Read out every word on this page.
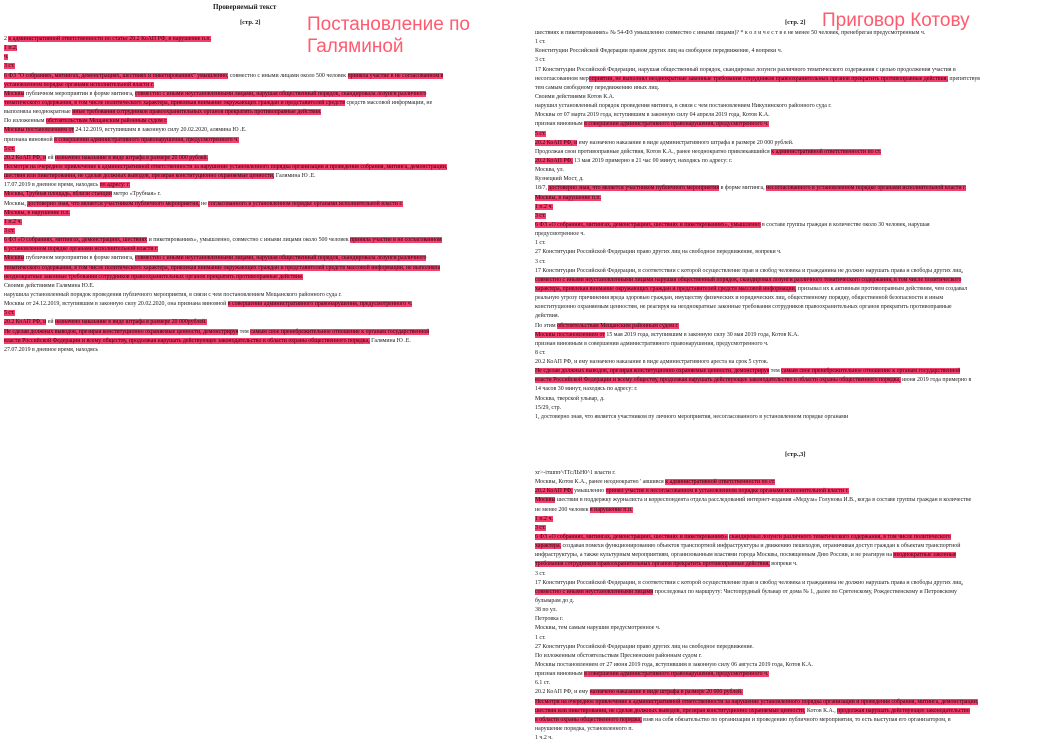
Проверяемый текст
Постановление по
Галяминой
Приговор Котову
[стр. 2]
2 к административной ответственности по статье 20.2 КоАП РФ, в нарушение п.п.
1 п.2,
ч.
3 ст.
6 ФЗ "О собраниях, митингах, демонстрациях, шествиях и пикетированиях" умышленно, совместно с иными лицами около 500 человек приняла участие в не согласованном в
установленном порядке органами исполнительной власти г.
Москвы публичном мероприятии в форме митинга, совместно с иными неустановленными лицами, нарушая общественный порядок, скандировала лозунги различного
тематического содержания, в том числе политического характера, привлекая внимание окружающих граждан и представителей средств средств массовой информации, не
выполняла неоднократные иные требования сотрудников правоохранительных органов прекратить противоправные действия.
По изложенным обстоятельствам Мещанским районным судом г.
Москвы постановлением от 24.12.2019, вступившим в законную силу 20.02.2020, алямина Ю .Е.
признана виновной в совершении административного правонарушения, предусмотренного ч.
5 ст.
20.2 КоАП РФ, и ей назначено наказание в виде штрафа в размере 20 000 рублей.
Несмотря на очередное привлечение к административной ответственности за нарушение установленного порядка организации и проведения собрания, митинга, демонстрации,
шествия или пикетирования, не сделав должных выводов, презирая конституционно охраняемые ценности, Галямина Ю .Е.
17.07.2019 в дневное время, находясь по адресу: г.
Москва, Трубная площадь, вблизи станции метро «Трубная» г.
Москвы, достоверно зная, что является участником публичного мероприятия, не согласованного в установленном порядке органами исполнительной власти г.
Москвы, в нарушение п.п.
1 п.2 ч.
3 ст.
6 ФЗ «О собраниях, митингах, демонстрациях, шествиях и пикетированиях», умышленно, совместно с иными лицами около 500 человек приняла участие в не согласованном
в установленном порядке органами исполнительной власти г.
Москвы публичном мероприятии в форме митинга, совместно с иными неустановленными лицами, нарушая общественный порядок, скандировала лозунги различного
тематического содержания, в том числе политического характера, привлекая внимание окружающих граждан и представителей средств массовой информации, не выполняла
неоднократные законные требования сотрудников правоохранительных органов прекратить противоправные действия.
Своими действиями Галямина Ю.Е.
нарушила установленный порядок проведения публичного мероприятия, в связи с чем постановлением Мещанского районного суда г.
Москвы от 24.12.2019, вступившим в законную силу 20.02.2020, она признана виновной в совершении административного правонарушения, предусмотренного ч.
5 ст.
20.2 КоАП РФ, и ей назначено наказание в виде штрафа в размере 20 000рублей.
Не сделав должных выводов, презирая конституционно охраняемые ценности, демонстрируя тем самым свое пренебрежительное отношение к органам государственной
власти Российской Федерации и всему обществу, продолжая нарушать действующее законодательство в области охраны общественного порядка, Галямина Ю .Е.
27.07.2019 в дневное время, находясь
[стр. 2]
шествиях и пикетированиях» № 54-ФЗ умышленно совместно с иными лицами)? * к о л и ч е с т в е не менее 50 человек, пренебрегая предусмотренным ч.
1 ст.
Конституции Российской Федерации правом других лиц на свободное передвижение, 4 вопреки ч.
3 ст.
17 Конституции Российской Федерации, нарушая общественный порядок, скандировал лозунги различного тематического содержания с целью продолжения участия в
несогласованном мероприятии, не выполнял неоднократные законные требования сотрудников правоохранительных органов прекратить противоправные действия, препятствуя
тем самым свободному передвижению иных лиц.
Своими действиями Котов К.А.
нарушил установленный порядок проведения митинга, в связи с чем постановлением Никулинского районного суда г.
Москвы от 07 марта 2019 года, вступившим в законную силу 04 апреля 2019 года, Котов К.А.
признан виновным в совершении административного правонарушения, предусмотренного ч.
5 ст.
20.2 КоАП РФ, и ему назначено наказание в виде административного штрафа в размере 20 000 рублей.
Продолжая свои противоправные действия, Котов К.А., ранее неоднократно привлекавшийся к административной ответственности по ст.
20.2 КоАП РФ, 13 мая 2019 примерно в 21 час 00 минут, находясь по адресу: г.
Москва, ул.
Кузнецкий Мост, д.
18/7, достоверно зная, что является участником публичного мероприятия в форме митинга, несогласованного в установленном порядке органами исполнительной власти г.
Москвы, в нарушение п.п.
1 п.2 ч.
3 ст.
6 ФЗ «О собраниях, митингах, демонстрациях, шествиях и пикетированиях», умышленно в составе группы граждан в количестве около 30 человек, нарушая
предусмотренное ч.
1 ст.
27 Конституции Российской Федерации право других лиц на свободное передвижение, вопреки ч.
3 ст.
17 Конституции Российской Федерации, в соответствии с которой осуществление прав и свобод человека и гражданина не должно нарушать права и свободы других лиц,
совместно с иными неустановленными лицами нарушая общественный порядок, скандировал лозунги различного тематического содержания, в том числе политического
характера, привлекая внимание окружающих граждан и представителей средств массовой информации, призывал их к активным противоправным действиям, чем создавал
реальную угрозу причинения вреда здоровью граждан, имуществу физических и юридических лиц, общественному порядку, общественной безопасности и иным
конституционно охраняемым ценностям, не реагируя на неоднократные законные требования сотрудников правоохранительных органов прекратить противоправные
действия.
По этим обстоятельствам Мещанским районным судом г.
Москвы постановлением от 15 мая 2019 года, вступившим в законную силу 30 мая 2019 года, Котов К.А.
признан виновным в совершении административного правонарушения, предусмотренного ч.
8 ст.
20.2 КоАП РФ, и ему назначено наказание в виде административного ареста на срок 5 суток.
Не сделав должных выводов, презирая конституционно охраняемые ценности, демонстрируя тем самым свое пренебрежительное отношение к органам государственной
власти Российской Федерации и всему обществу, продолжая нарушать действующее законодательство в области охраны общественного порядка, июня 2019 года примерно в
14 часов 30 минут, находясь по адресу: г.
Москва, тверской ульвар, д.
15/29, стр.
1, достоверно зная, что является участником пу личного мероприятия, несогласованного в установленном порядке органами
[стр.,3]
xr>-ітшпп^/ІТсЛЬН0^1 власти г.
Москвы, Котов К.А., ранее неоднократно ' авшився к административной ответственности по ст.
20.2 КоАП РФ, умышленно принял участие в несогласованном в установленном порядке органами исполнительной власти г.
Москвы шествии в поддержку журналиста и корреспондента отдела расследований интернет-издания «Медуза» Голунова И.В., когда в составе группы граждан в количестве
не менее 200 человек в нарушение п.п.
1 п.2 ч.
3 ст.
6 ФЗ «О собраниях, митингах, демонстрациях, шествиях и пикетированиях» скандировал лозунги различного тематического содержания, в том числе политического
характера, создавая помехи функционированию объектов транспортной инфраструктуры и движению пешеходов, ограничивая доступ граждан к объектам транспортной
инфраструктуры, а также культурным мероприятиям, организованным властями города Москвы, посвященным Дню России, и не реагируя на неоднократные законные
требования сотрудников правоохранительных органов прекратить противоправные действия, вопреки ч.
3 ст.
17 Конституции Российской Федерации, в соответствии с которой осуществление прав и свобод человека и гражданина не должно нарушать права и свободы других лиц,
совместно с иными неустановленными лицами проследовал по маршруту: Чистопрудный бульвар от дома № 1, далее по Сретенскому, Рождественскому и Петровскому
бульварам до д.
38 по ул.
Петровка г.
Москвы, тем самым нарушив предусмотренное ч.
1 ст.
27 Конституции Российской Федерации право других лиц на свободное передвижение.
По изложенным обстоятельствам Пресненским районным судом г.
Москвы постановлением от 27 июня 2019 года, вступившим в законную силу 06 августа 2019 года, Котов К.А.
признан виновным в совершении административного правонарушения, предусмотренного ч.
6.1 ст.
20.2 КоАП РФ, и ему назначено наказание в виде штрафа в размере 20 000 рублей.
Несмотря на очередное привлечение к административной ответственности за нарушение установленного порядка организации и проведения собрания, митинга, демонстрации,
шествия или пикетирования, не сделав должных выводов, презирая конституционно охраняемые ценности, Котов К.А., продолжая нарушать действующее законодательство
в области охраны общественного порядка, взяв на себя обязательство по организации и проведению публичного мероприятия, то есть выступая его организатором, в
нарушение порядка, установленного п.
1 ч.2 ч.
